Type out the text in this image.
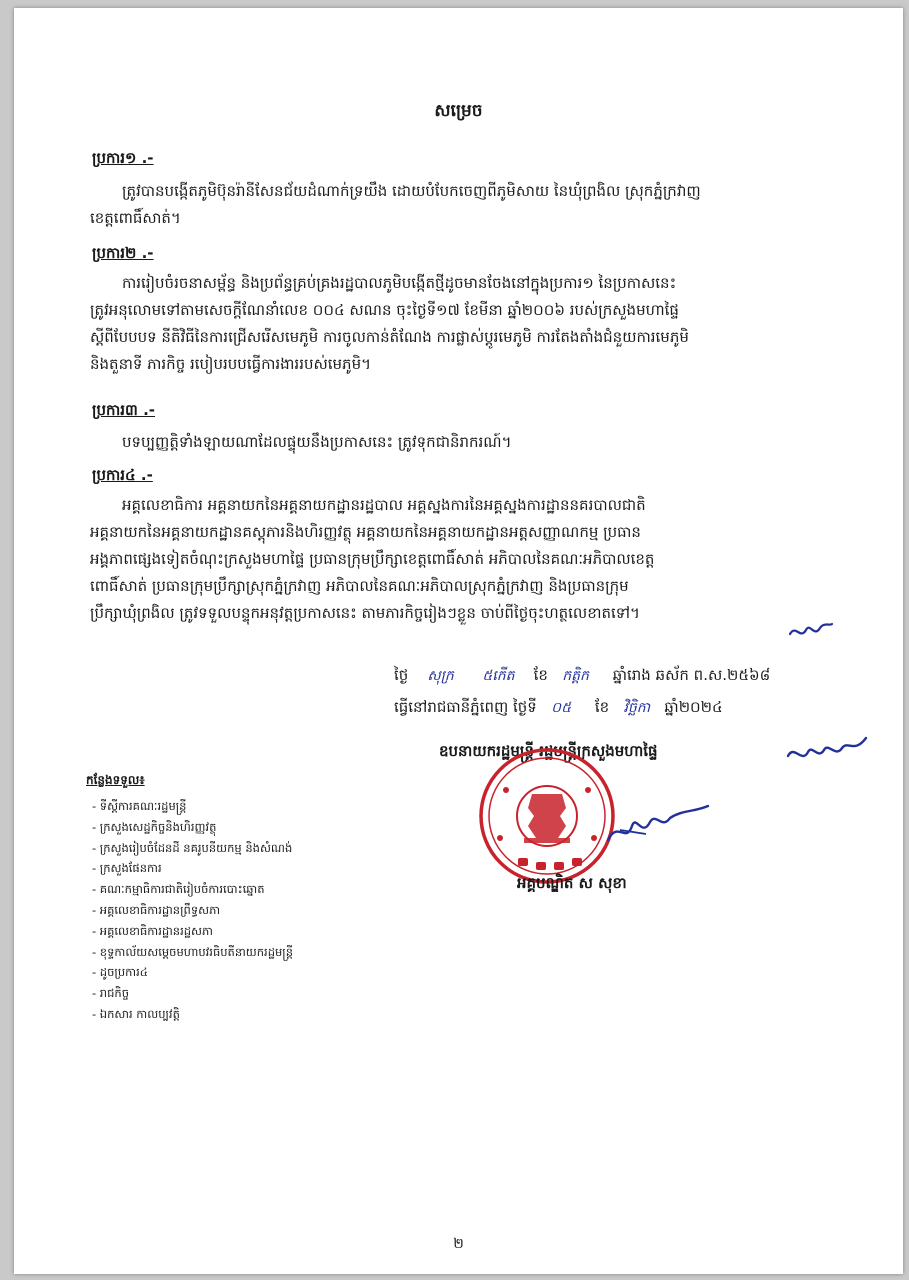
សម្រេច
ប្រការ១ .-
ត្រូវបានបង្កើតភូមិប៊ុនរ៉ានីសែនជ័យដំណាក់ទ្រយឹង ដោយបំបែកចេញពីភូមិសាយ នៃឃុំព្រងិល ស្រុកភ្នំក្រវាញ
ខេត្តពោធិ៍សាត់។
ប្រការ២ .-
ការរៀបចំរចនាសម្ព័ន្ធ និងប្រព័ន្ធគ្រប់គ្រងរដ្ឋបាលភូមិបង្កើតថ្មីដូចមានចែងនៅក្នុងប្រការ១ នៃប្រកាសនេះ
ត្រូវអនុលោមទៅតាមសេចក្ដីណែនាំលេខ ០០៤ សណន ចុះថ្ងៃទី១៧ ខែមីនា ឆ្នាំ២០០៦ របស់ក្រសួងមហាផ្ទៃ
ស្ដីពីបែបបទ នីតិវិធីនៃការជ្រើសរើសមេភូមិ ការចូលកាន់តំណែង ការផ្លាស់ប្ដូរមេភូមិ ការតែងតាំងជំនួយការមេភូមិ
និងតួនាទី ភារកិច្ច របៀបរបបធ្វើការងាររបស់មេភូមិ។
ប្រការ៣ .-
បទប្បញ្ញត្តិទាំងឡាយណាដែលផ្ទុយនឹងប្រកាសនេះ ត្រូវទុកជានិរាករណ៍។
ប្រការ៤ .-
អគ្គលេខាធិការ អគ្គនាយកនៃអគ្គនាយកដ្ឋានរដ្ឋបាល អគ្គស្នងការនៃអគ្គស្នងការដ្ឋាននគរបាលជាតិ
អគ្គនាយកនៃអគ្គនាយកដ្ឋានគស្តុភារនិងហិរញ្ញវត្ថុ អគ្គនាយកនៃអគ្គនាយកដ្ឋានអត្តសញ្ញាណកម្ម ប្រធាន
អង្គភាពផ្សេងទៀតចំណុះក្រសួងមហាផ្ទៃ ប្រធានក្រុមប្រឹក្សាខេត្តពោធិ៍សាត់ អភិបាលនៃគណៈអភិបាលខេត្ត
ពោធិ៍សាត់ ប្រធានក្រុមប្រឹក្សាស្រុកភ្នំក្រវាញ អភិបាលនៃគណៈអភិបាលស្រុកភ្នំក្រវាញ និងប្រធានក្រុម
ប្រឹក្សាឃុំព្រងិល ត្រូវទទួលបន្ទុកអនុវត្តប្រកាសនេះ តាមភារកិច្ចរៀងៗខ្លួន ចាប់ពីថ្ងៃចុះហត្ថលេខាតទៅ។
ថ្ងៃ សុក្រ ៥កើត ខែ កត្តិក ឆ្នាំរោង ឆស័ក ព.ស.២៥៦៨
ធ្វើនៅរាជធានីភ្នំពេញ ថ្ងៃទី ០៥ ខែ វិច្ឆិកា ឆ្នាំ២០២៤
ឧបនាយករដ្ឋមន្ត្រី រដ្ឋមន្ត្រីក្រសួងមហាផ្ទៃ
អគ្គបណ្ឌិត ស សុខា
កន្លែងទទួល៖
- ទីស្ដីការគណៈរដ្ឋមន្ត្រី
- ក្រសួងសេដ្ឋកិច្ចនិងហិរញ្ញវត្ថុ
- ក្រសួងរៀបចំដែនដី នគរូបនីយកម្ម និងសំណង់
- ក្រសួងផែនការ
- គណៈកម្មាធិការជាតិរៀបចំការបោះឆ្នោត
- អគ្គលេខាធិការដ្ឋានព្រឹទ្ធសភា
- អគ្គលេខាធិការដ្ឋានរដ្ឋសភា
- ខុទ្ទកាល័យសម្ដេចមហាបវរធិបតីនាយករដ្ឋមន្ត្រី
- ដូចប្រការ៤
- រាជកិច្ច
- ឯកសារ កាលប្បវត្តិ
២
